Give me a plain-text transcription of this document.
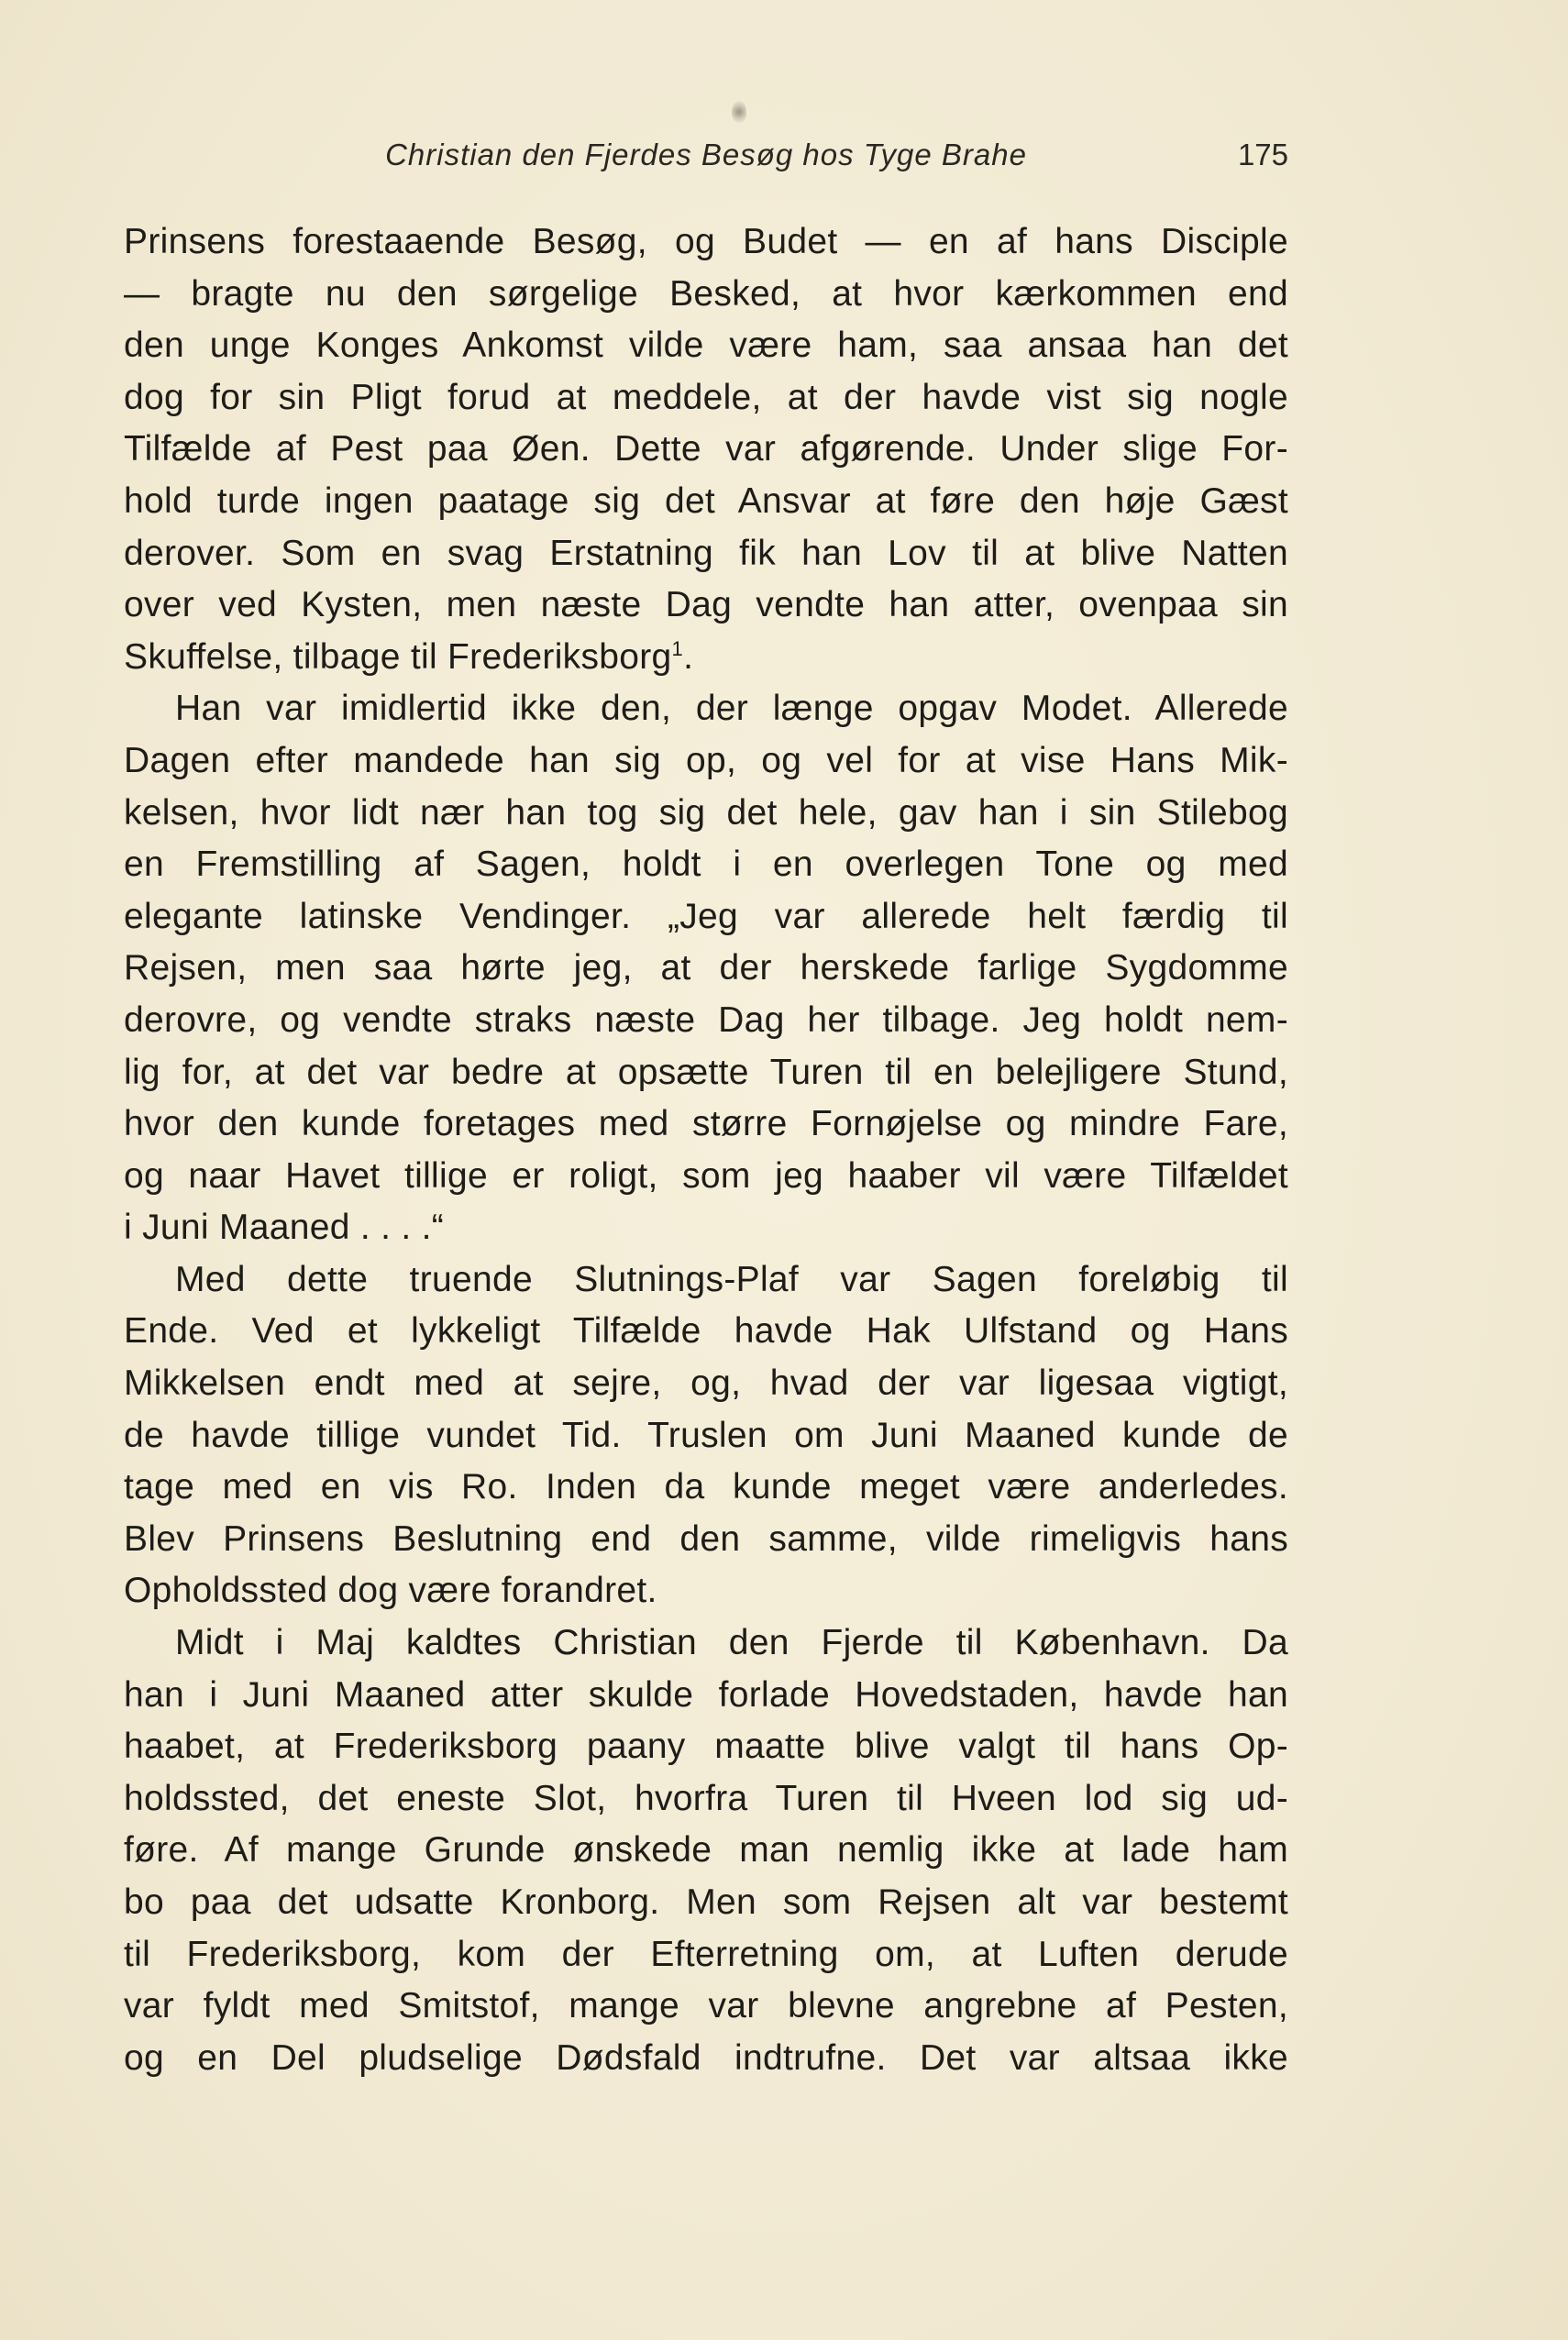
Christian den Fjerdes Besøg hos Tyge Brahe	175
Prinsens forestaaende Besøg, og Budet — en af hans Disciple
— bragte nu den sørgelige Besked, at hvor kærkommen end
den unge Konges Ankomst vilde være ham, saa ansaa han det
dog for sin Pligt forud at meddele, at der havde vist sig nogle
Tilfælde af Pest paa Øen. Dette var afgørende. Under slige For-
hold turde ingen paatage sig det Ansvar at føre den høje Gæst
derover. Som en svag Erstatning fik han Lov til at blive Natten
over ved Kysten, men næste Dag vendte han atter, ovenpaa sin
Skuffelse, tilbage til Frederiksborg$^1$.
Han var imidlertid ikke den, der længe opgav Modet. Allerede
Dagen efter mandede han sig op, og vel for at vise Hans Mik-
kelsen, hvor lidt nær han tog sig det hele, gav han i sin Stilebog
en Fremstilling af Sagen, holdt i en overlegen Tone og med
elegante latinske Vendinger. „Jeg var allerede helt færdig til
Rejsen, men saa hørte jeg, at der herskede farlige Sygdomme
derovre, og vendte straks næste Dag her tilbage. Jeg holdt nem-
lig for, at det var bedre at opsætte Turen til en belejligere Stund,
hvor den kunde foretages med større Fornøjelse og mindre Fare,
og naar Havet tillige er roligt, som jeg haaber vil være Tilfældet
i Juni Maaned . . . .“
Med dette truende Slutnings-Plaf var Sagen foreløbig til
Ende. Ved et lykkeligt Tilfælde havde Hak Ulfstand og Hans
Mikkelsen endt med at sejre, og, hvad der var ligesaa vigtigt,
de havde tillige vundet Tid. Truslen om Juni Maaned kunde de
tage med en vis Ro. Inden da kunde meget være anderledes.
Blev Prinsens Beslutning end den samme, vilde rimeligvis hans
Opholdssted dog være forandret.
Midt i Maj kaldtes Christian den Fjerde til København. Da
han i Juni Maaned atter skulde forlade Hovedstaden, havde han
haabet, at Frederiksborg paany maatte blive valgt til hans Op-
holdssted, det eneste Slot, hvorfra Turen til Hveen lod sig ud-
føre. Af mange Grunde ønskede man nemlig ikke at lade ham
bo paa det udsatte Kronborg. Men som Rejsen alt var bestemt
til Frederiksborg, kom der Efterretning om, at Luften derude
var fyldt med Smitstof, mange var blevne angrebne af Pesten,
og en Del pludselige Dødsfald indtrufne. Det var altsaa ikke
